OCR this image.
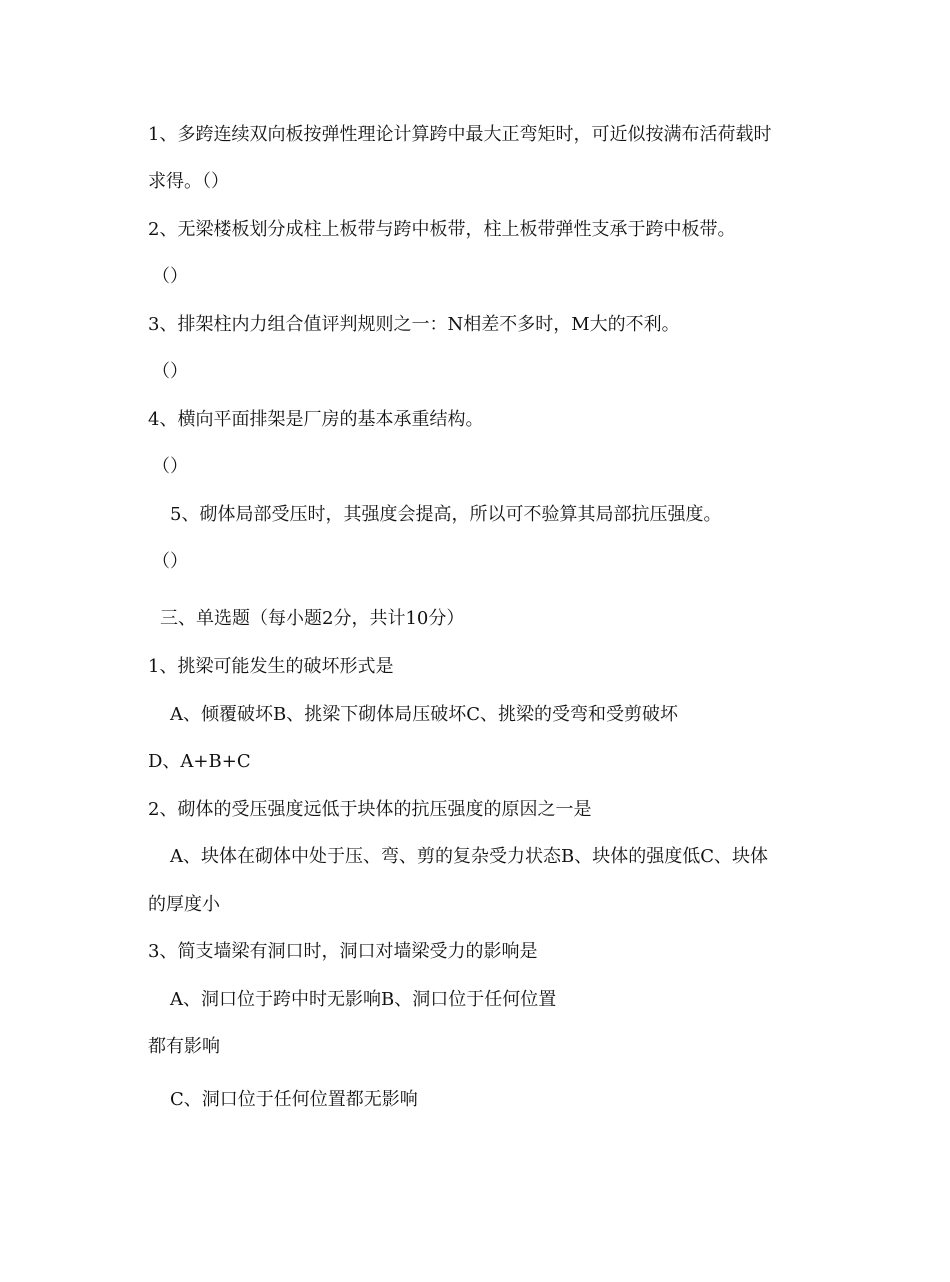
1、多跨连续双向板按弹性理论计算跨中最大正弯矩时，可近似按满布活荷载时
求得。（）
2、无梁楼板划分成柱上板带与跨中板带，柱上板带弹性支承于跨中板带。
（）
3、排架柱内力组合值评判规则之一：N相差不多时，M大的不利。
（）
4、横向平面排架是厂房的基本承重结构。
（）
5、砌体局部受压时，其强度会提高，所以可不验算其局部抗压强度。
（）
三、单选题（每小题2分，共计10分）
1、挑梁可能发生的破坏形式是
A、倾覆破坏B、挑梁下砌体局压破坏C、挑梁的受弯和受剪破坏
D、A+B+C
2、砌体的受压强度远低于块体的抗压强度的原因之一是
A、块体在砌体中处于压、弯、剪的复杂受力状态B、块体的强度低C、块体
的厚度小
3、简支墙梁有洞口时，洞口对墙梁受力的影响是
A、洞口位于跨中时无影响B、洞口位于任何位置
都有影响
C、洞口位于任何位置都无影响
